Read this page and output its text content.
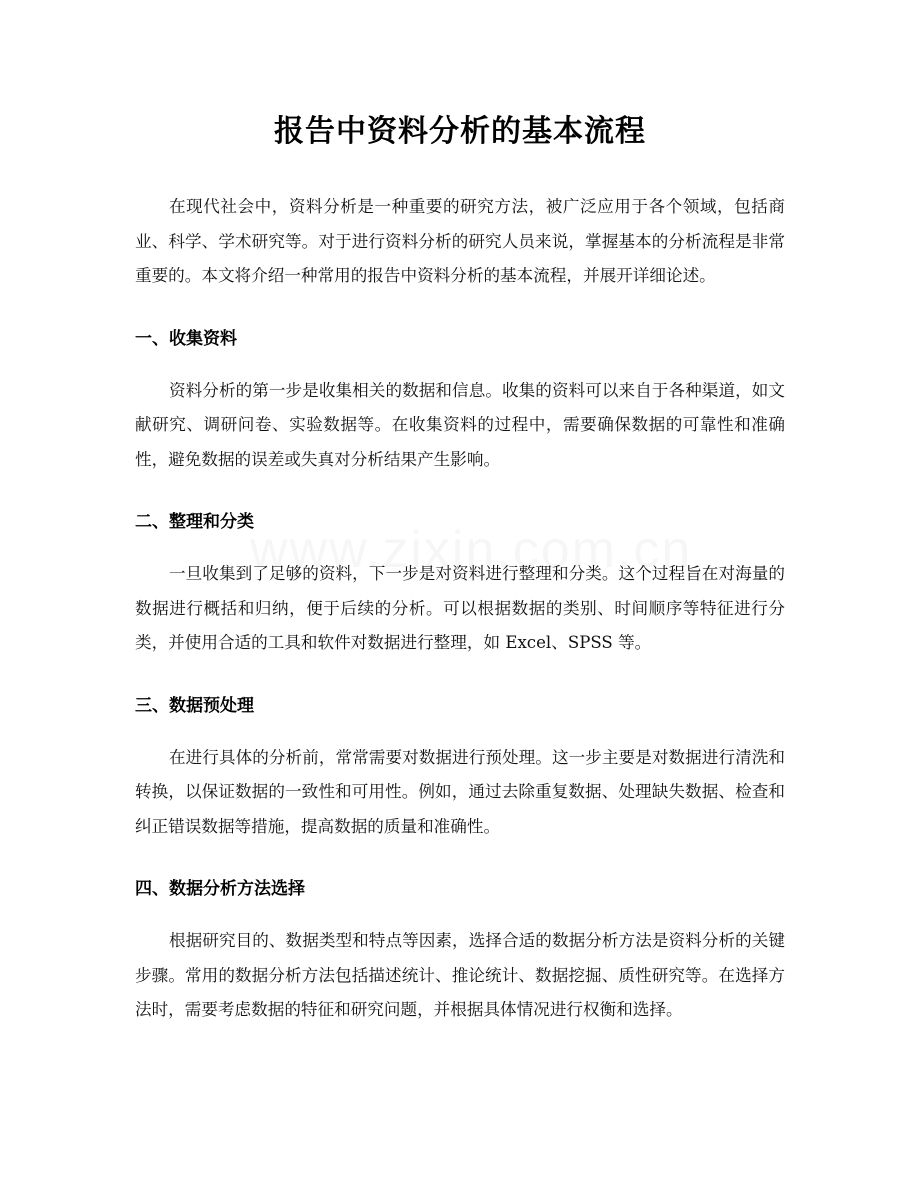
报告中资料分析的基本流程

在现代社会中，资料分析是一种重要的研究方法，被广泛应用于各个领域，包括商业、科学、学术研究等。对于进行资料分析的研究人员来说，掌握基本的分析流程是非常重要的。本文将介绍一种常用的报告中资料分析的基本流程，并展开详细论述。

一、收集资料

资料分析的第一步是收集相关的数据和信息。收集的资料可以来自于各种渠道，如文献研究、调研问卷、实验数据等。在收集资料的过程中，需要确保数据的可靠性和准确性，避免数据的误差或失真对分析结果产生影响。

二、整理和分类

一旦收集到了足够的资料，下一步是对资料进行整理和分类。这个过程旨在对海量的数据进行概括和归纳，便于后续的分析。可以根据数据的类别、时间顺序等特征进行分类，并使用合适的工具和软件对数据进行整理，如 Excel、SPSS 等。

三、数据预处理

在进行具体的分析前，常常需要对数据进行预处理。这一步主要是对数据进行清洗和转换，以保证数据的一致性和可用性。例如，通过去除重复数据、处理缺失数据、检查和纠正错误数据等措施，提高数据的质量和准确性。

四、数据分析方法选择

根据研究目的、数据类型和特点等因素，选择合适的数据分析方法是资料分析的关键步骤。常用的数据分析方法包括描述统计、推论统计、数据挖掘、质性研究等。在选择方法时，需要考虑数据的特征和研究问题，并根据具体情况进行权衡和选择。
